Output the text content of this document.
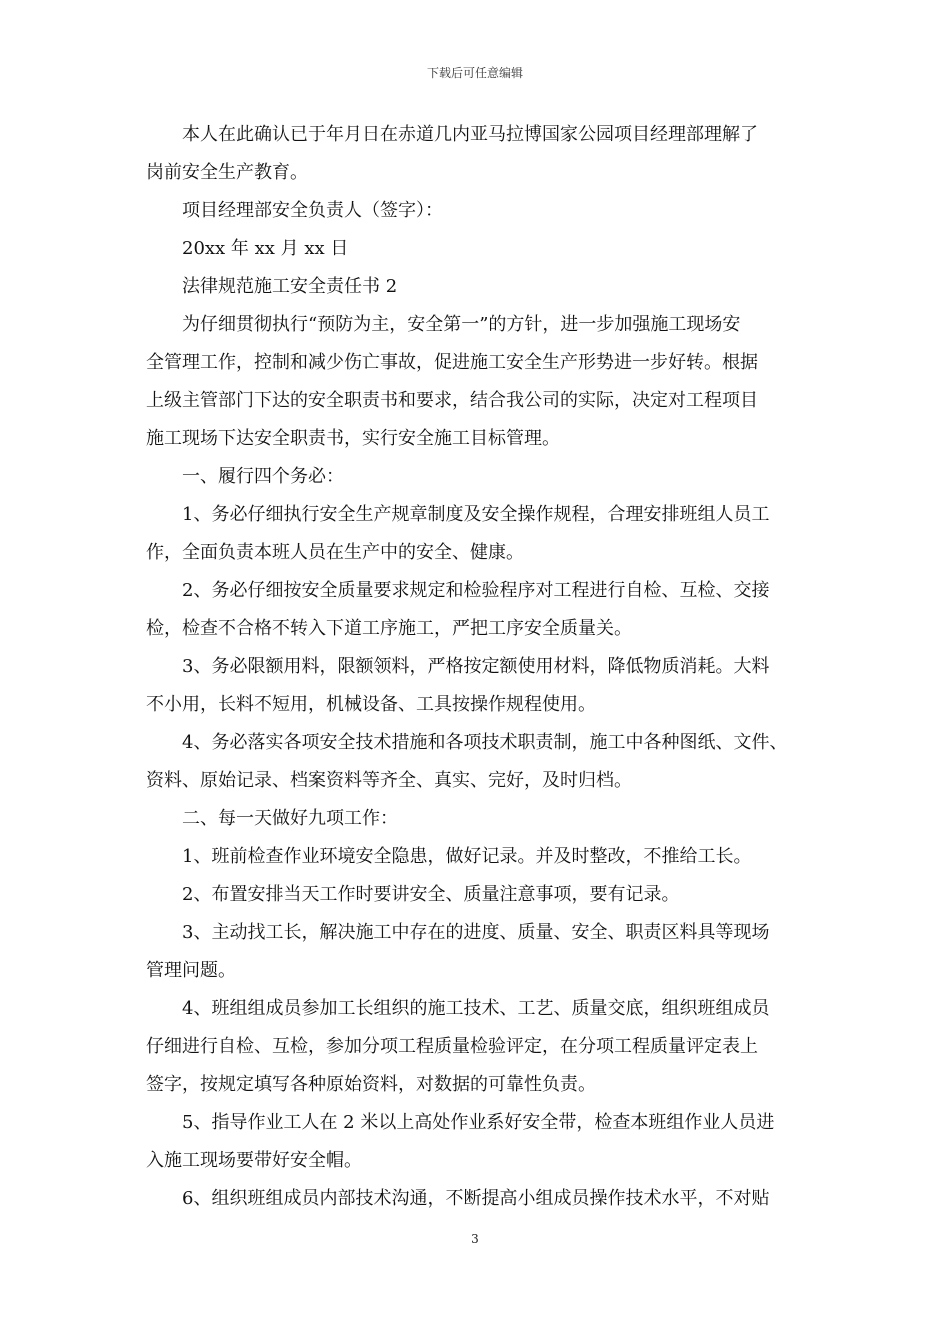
下载后可任意编辑

本人在此确认已于年月日在赤道几内亚马拉博国家公园项目经理部理解了

岗前安全生产教育。

项目经理部安全负责人（签字）：

20xx 年 xx 月 xx 日

法律规范施工安全责任书 2

为仔细贯彻执行“预防为主，安全第一”的方针，进一步加强施工现场安

全管理工作，控制和减少伤亡事故，促进施工安全生产形势进一步好转。根据

上级主管部门下达的安全职责书和要求，结合我公司的实际，决定对工程项目

施工现场下达安全职责书，实行安全施工目标管理。

一、履行四个务必：

1、务必仔细执行安全生产规章制度及安全操作规程，合理安排班组人员工

作，全面负责本班人员在生产中的安全、健康。

2、务必仔细按安全质量要求规定和检验程序对工程进行自检、互检、交接

检，检查不合格不转入下道工序施工，严把工序安全质量关。

3、务必限额用料，限额领料，严格按定额使用材料，降低物质消耗。大料

不小用，长料不短用，机械设备、工具按操作规程使用。

4、务必落实各项安全技术措施和各项技术职责制，施工中各种图纸、文件、

资料、原始记录、档案资料等齐全、真实、完好，及时归档。

二、每一天做好九项工作：

1、班前检查作业环境安全隐患，做好记录。并及时整改，不推给工长。

2、布置安排当天工作时要讲安全、质量注意事项，要有记录。

3、主动找工长，解决施工中存在的进度、质量、安全、职责区料具等现场

管理问题。

4、班组组成员参加工长组织的施工技术、工艺、质量交底，组织班组成员

仔细进行自检、互检，参加分项工程质量检验评定，在分项工程质量评定表上

签字，按规定填写各种原始资料，对数据的可靠性负责。

5、指导作业工人在 2 米以上高处作业系好安全带，检查本班组作业人员进

入施工现场要带好安全帽。

6、组织班组成员内部技术沟通，不断提高小组成员操作技术水平，不对贴

3
